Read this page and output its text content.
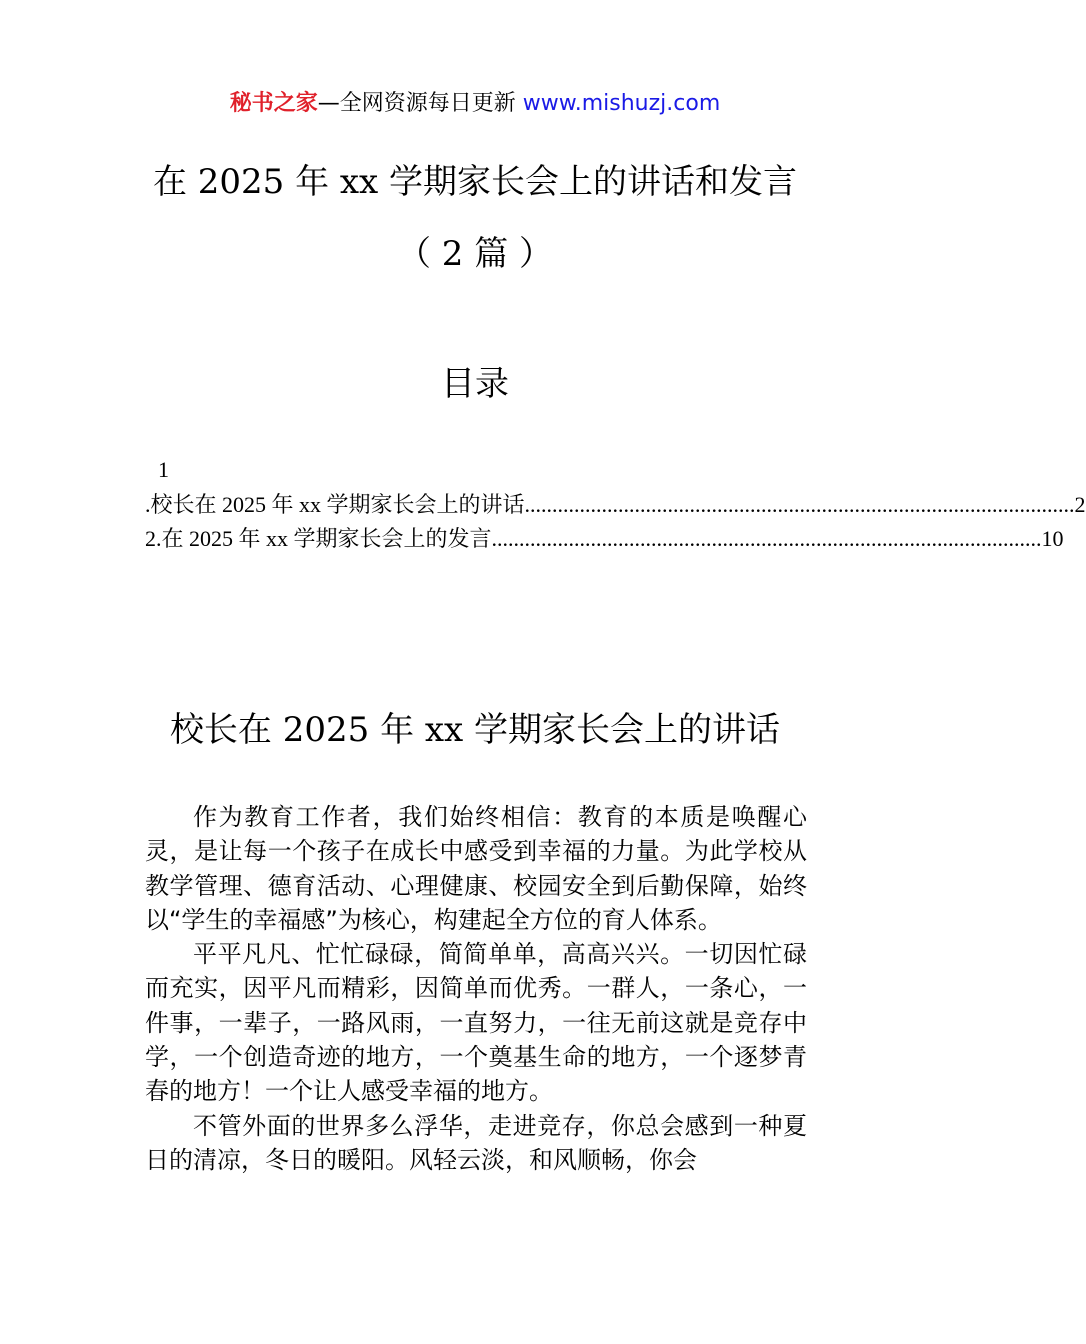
秘书之家—全网资源每日更新 www.mishuzj.com
在 2025 年 xx 学期家长会上的讲话和发言
（ 2 篇 ）
目录
1
.校长在 2025 年 xx 学期家长会上的讲话 .................................................................................................... 2
2.在 2025 年 xx 学期家长会上的发言 .................................................................................................... 10
校长在 2025 年 xx 学期家长会上的讲话

作为教育工作者，我们始终相信：教育的本质是唤醒心灵，是让每一个孩子在成长中感受到幸福的力量。为此学校从教学管理、德育活动、心理健康、校园安全到后勤保障，始终以“学生的幸福感”为核心，构建起全方位的育人体系。

平平凡凡、忙忙碌碌，简简单单，高高兴兴。一切因忙碌而充实，因平凡而精彩，因简单而优秀。一群人，一条心，一件事，一辈子，一路风雨，一直努力，一往无前这就是竞存中学，一个创造奇迹的地方，一个奠基生命的地方，一个逐梦青春的地方！一个让人感受幸福的地方。

不管外面的世界多么浮华，走进竞存，你总会感到一种夏日的清凉，冬日的暖阳。风轻云淡，和风顺畅，你会
